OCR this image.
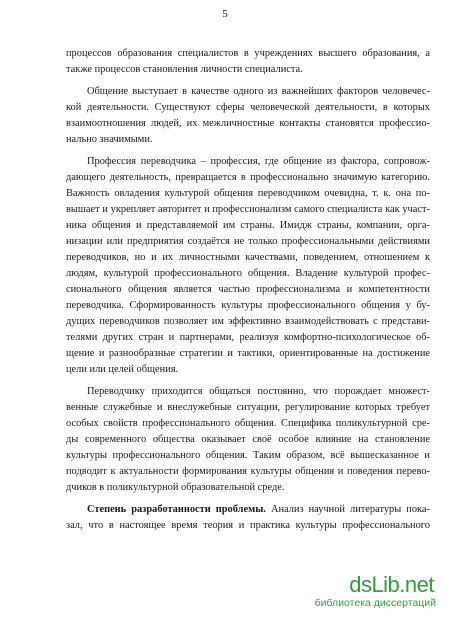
5
процессов образования специалистов в учреждениях высшего образования, а
также процессов становления личности специалиста.
Общение выступает в качестве одного из важнейших факторов человечес-
кой деятельности. Существуют сферы человеческой деятельности, в которых
взаимоотношения людей, их межличностные контакты становятся профессио-
нально значимыми.
Профессия переводчика – профессия, где общение из фактора, сопровож-
дающего деятельность, превращается в профессионально значимую категорию.
Важность овладения культурой общения переводчиком очевидна, т. к. она по-
вышает и укрепляет авторитет и профессионализм самого специалиста как участ-
ника общения и представляемой им страны. Имидж страны, компании, орга-
низации или предприятия создаётся не только профессиональными действиями
переводчиков, но и их личностными качествами, поведением, отношением к
людям, культурой профессионального общения. Владение культурой профес-
сионального общения является частью профессионализма и компетентности
переводчика. Сформированность культуры профессионального общения у бу-
дущих переводчиков позволяет им эффективно взаимодействовать с представи-
телями других стран и партнерами, реализуя комфортно-психологическое об-
щение и разнообразные стратегии и тактики, ориентированные на достижение
цели или целей общения.
Переводчику приходится общаться постоянно, что порождает множест-
венные служебные и внеслужебные ситуации, регулирование которых требует
особых свойств профессионального общения. Специфика поликультурной сре-
ды современного общества оказывает своё особое влияние на становление
культуры профессионального общения. Таким образом, всё вышесказанное и
подводит к актуальности формирования культуры общения и поведения перево-
дчиков в поликультурной образовательной среде.
Степень разработанности проблемы. Анализ научной литературы пока-
зал, что в настоящее время теория и практика культуры профессионального
dsLib.net
библиотека диссертаций
